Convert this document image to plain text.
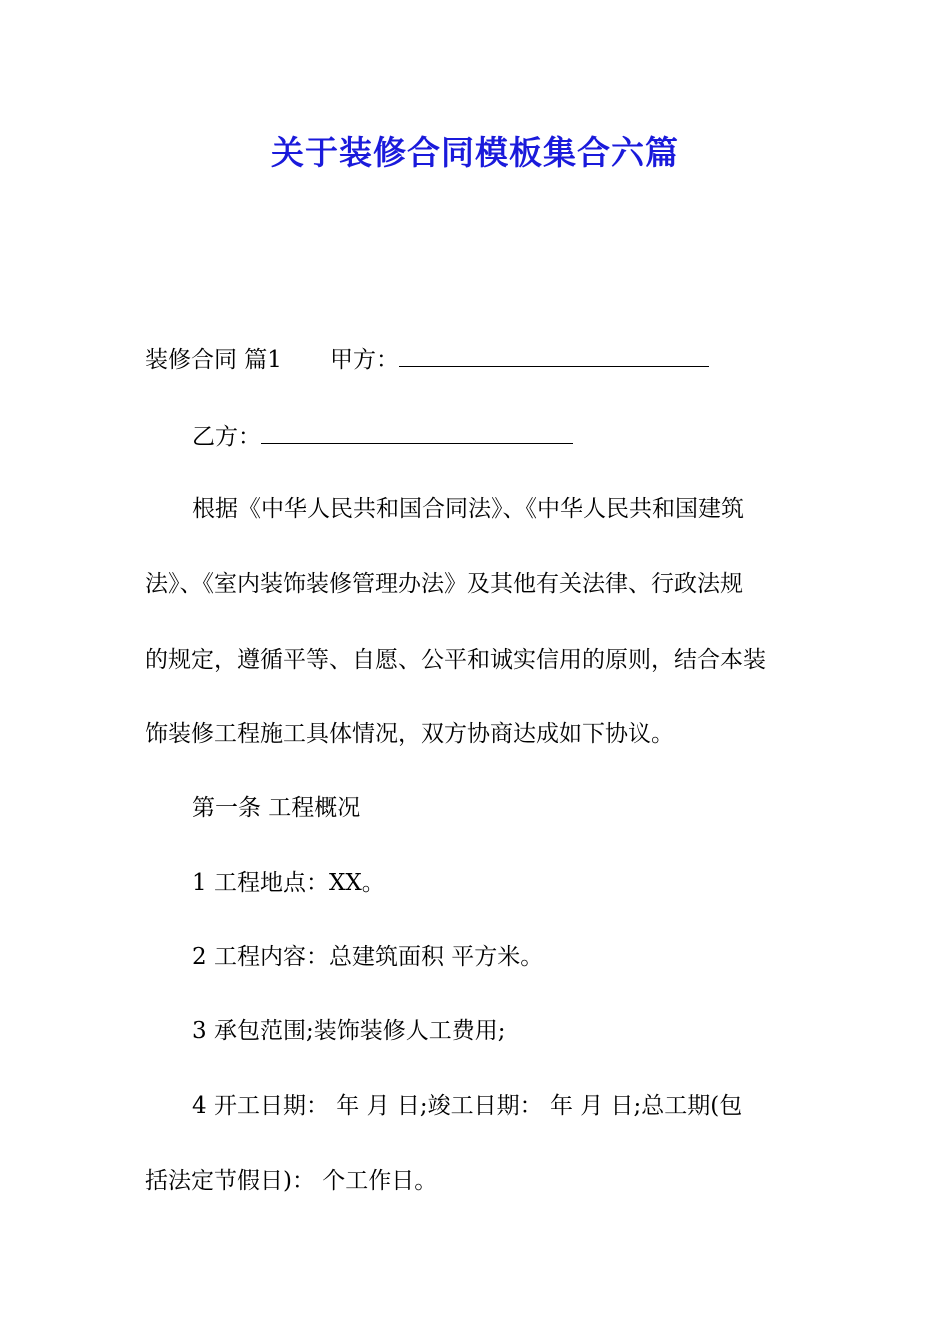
关于装修合同模板集合六篇
装修合同 篇1 甲方：
乙方：
根据《中华人民共和国合同法》、《中华人民共和国建筑
法》、《室内装饰装修管理办法》及其他有关法律、行政法规
的规定，遵循平等、自愿、公平和诚实信用的原则，结合本装
饰装修工程施工具体情况，双方协商达成如下协议。
第一条 工程概况
1 工程地点：XX。
2 工程内容：总建筑面积 平方米。
3 承包范围;装饰装修人工费用;
4 开工日期： 年 月 日;竣工日期： 年 月 日;总工期(包
括法定节假日)： 个工作日。
